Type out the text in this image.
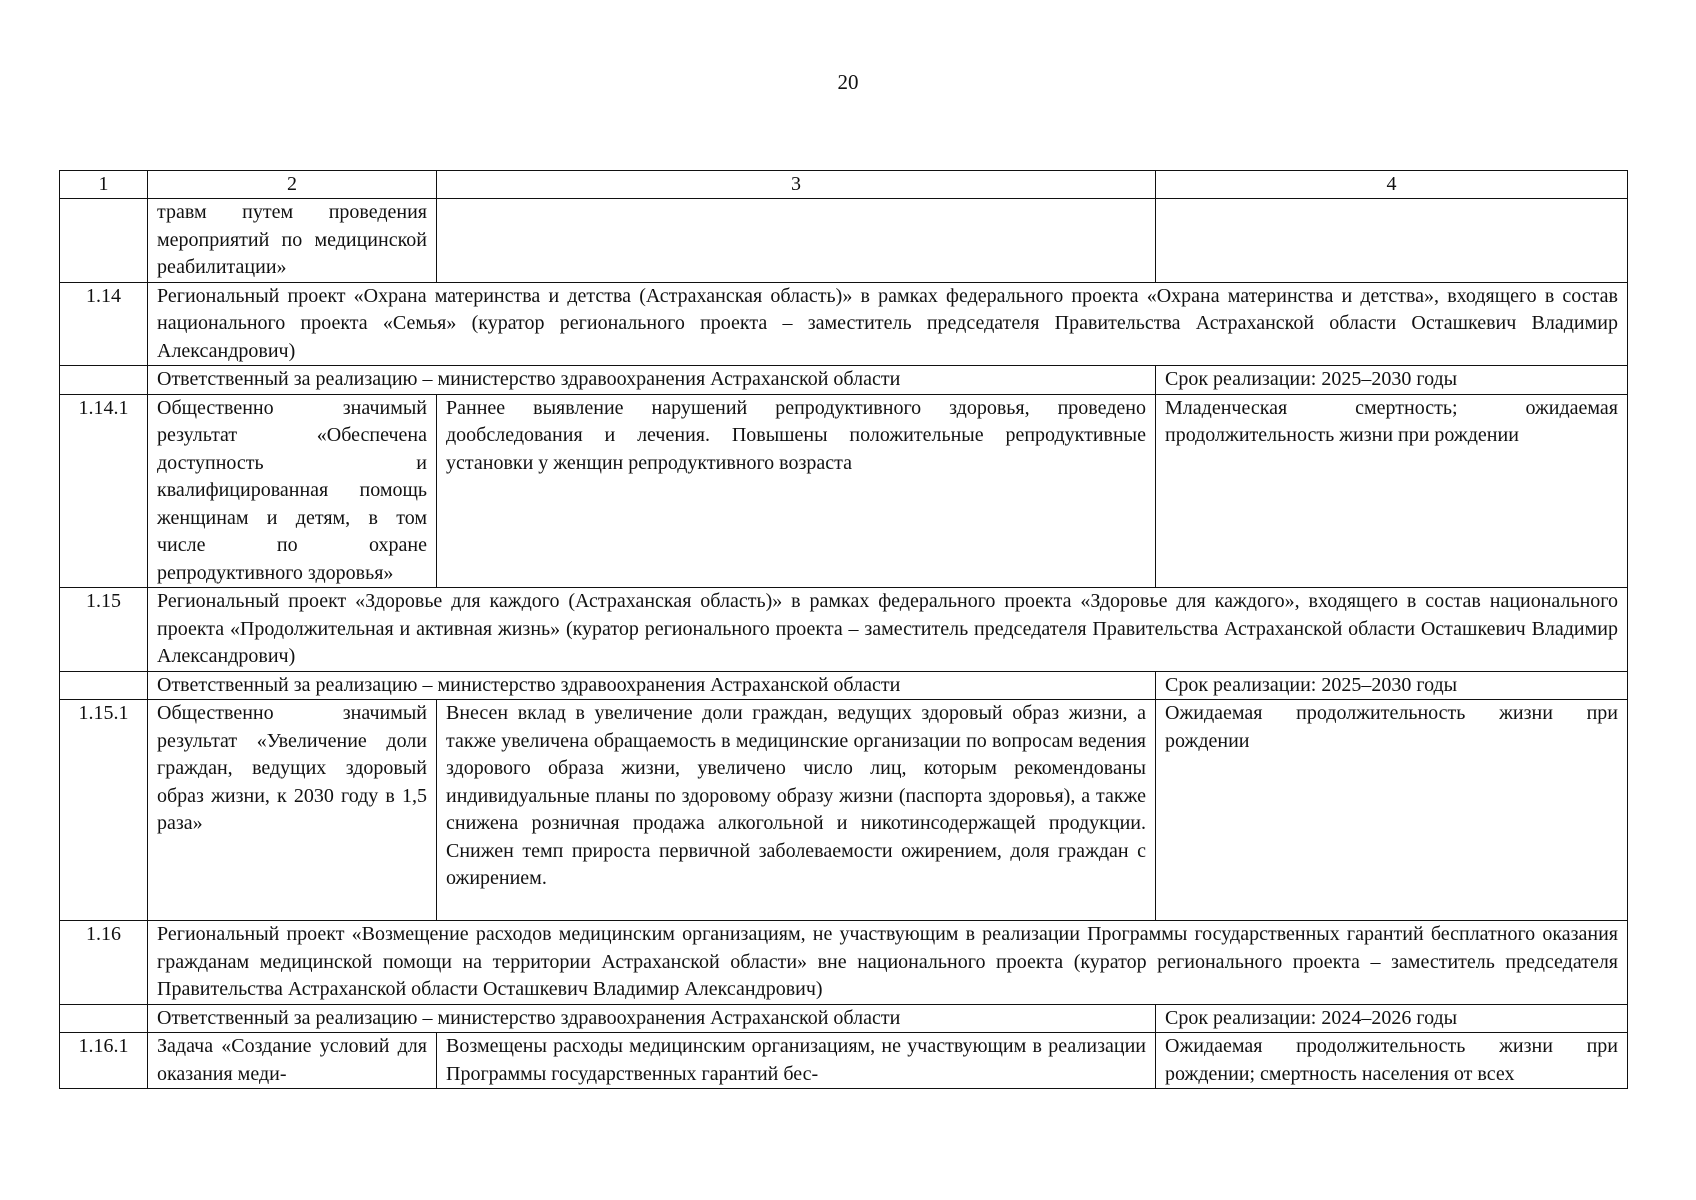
20
1	2	3	4
	травм путем проведения мероприятий по медицинской реабилитации»		
1.14	Региональный проект «Охрана материнства и детства (Астраханская область)» в рамках федерального проекта «Охрана материнства и детства», входящего в состав национального проекта «Семья» (куратор регионального проекта – заместитель председателя Правительства Астраханской области Осташкевич Владимир Александрович)		
	Ответственный за реализацию – министерство здравоохранения Астраханской области		Срок реализации: 2025–2030 годы
1.14.1	Общественно значимый результат «Обеспечена доступность и квалифицированная помощь женщинам и детям, в том числе по охране репродуктивного здоровья»	Раннее выявление нарушений репродуктивного здоровья, проведено дообследования и лечения. Повышены положительные репродуктивные установки у женщин репродуктивного возраста	Младенческая смертность; ожидаемая продолжительность жизни при рождении
1.15	Региональный проект «Здоровье для каждого (Астраханская область)» в рамках федерального проекта «Здоровье для каждого», входящего в состав национального проекта «Продолжительная и активная жизнь» (куратор регионального проекта – заместитель председателя Правительства Астраханской области Осташкевич Владимир Александрович)		
	Ответственный за реализацию – министерство здравоохранения Астраханской области		Срок реализации: 2025–2030 годы
1.15.1	Общественно значимый результат «Увеличение доли граждан, ведущих здоровый образ жизни, к 2030 году в 1,5 раза»	Внесен вклад в увеличение доли граждан, ведущих здоровый образ жизни, а также увеличена обращаемость в медицинские организации по вопросам ведения здорового образа жизни, увеличено число лиц, которым рекомендованы индивидуальные планы по здоровому образу жизни (паспорта здоровья), а также снижена розничная продажа алкогольной и никотинсодержащей продукции. Снижен темп прироста первичной заболеваемости ожирением, доля граждан с ожирением.	Ожидаемая продолжительность жизни при рождении
1.16	Региональный проект «Возмещение расходов медицинским организациям, не участвующим в реализации Программы государственных гарантий бесплатного оказания гражданам медицинской помощи на территории Астраханской области» вне национального проекта (куратор регионального проекта – заместитель председателя Правительства Астраханской области Осташкевич Владимир Александрович)		
	Ответственный за реализацию – министерство здравоохранения Астраханской области		Срок реализации: 2024–2026 годы
1.16.1	Задача «Создание условий для оказания меди-	Возмещены расходы медицинским организациям, не участвующим в реализации Программы государственных гарантий бес-	Ожидаемая продолжительность жизни при рождении; смертность населения от всех
